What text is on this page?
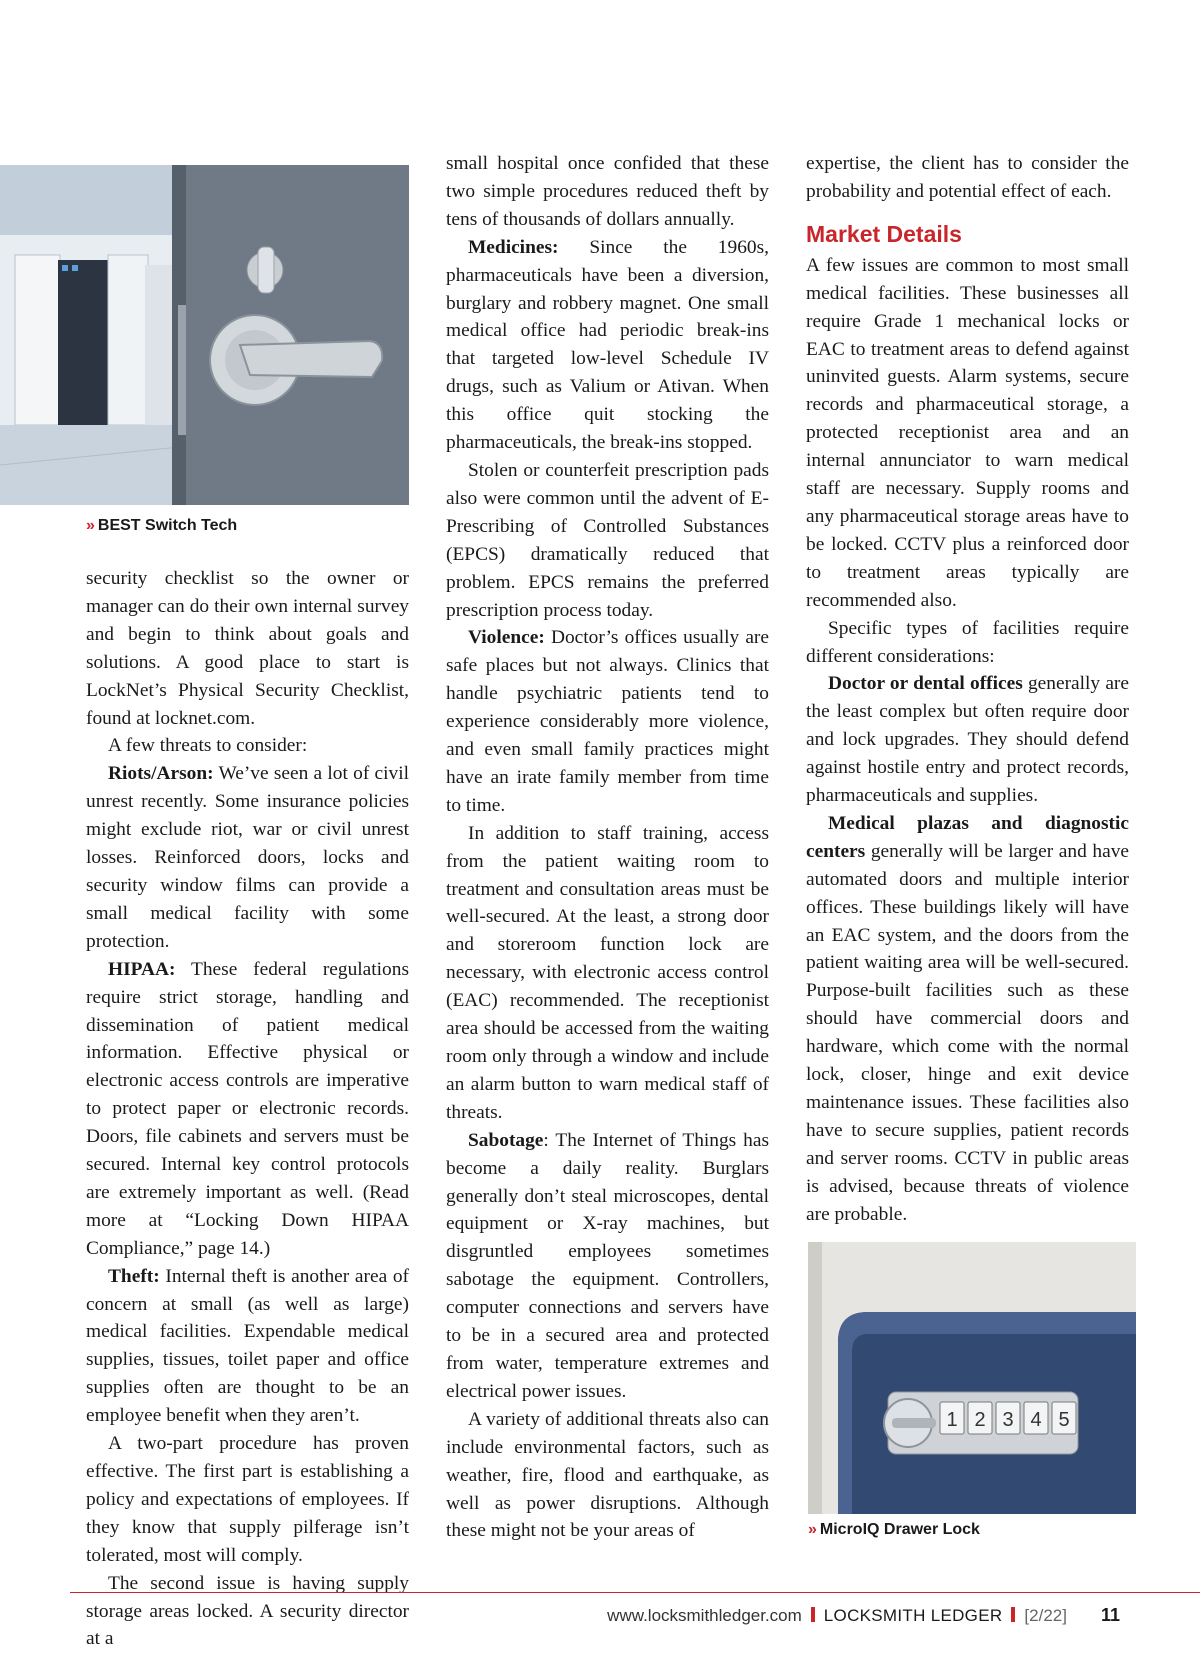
» BEST Switch Tech

security checklist so the owner or manager can do their own internal survey and begin to think about goals and solutions. A good place to start is LockNet’s Physical Security Checklist, found at locknet.com.

A few threats to consider:

Riots/Arson: We’ve seen a lot of civil unrest recently. Some insurance policies might exclude riot, war or civil unrest losses. Reinforced doors, locks and security window films can provide a small medical facility with some protection.

HIPAA: These federal regulations require strict storage, handling and dissemination of patient medical information. Effective physical or electronic access controls are imperative to protect paper or electronic records. Doors, file cabinets and servers must be secured. Internal key control protocols are extremely important as well. (Read more at “Locking Down HIPAA Compliance,” page 14.)

Theft: Internal theft is another area of concern at small (as well as large) medical facilities. Expendable medical supplies, tissues, toilet paper and office supplies often are thought to be an employee benefit when they aren’t.

A two-part procedure has proven effective. The first part is establishing a policy and expectations of employees. If they know that supply pilferage isn’t tolerated, most will comply.

The second issue is having supply storage areas locked. A security director at a

small hospital once confided that these two simple procedures reduced theft by tens of thousands of dollars annually.

Medicines: Since the 1960s, pharmaceuticals have been a diversion, burglary and robbery magnet. One small medical office had periodic break-ins that targeted low-level Schedule IV drugs, such as Valium or Ativan. When this office quit stocking the pharmaceuticals, the break-ins stopped.

Stolen or counterfeit prescription pads also were common until the advent of E-Prescribing of Controlled Substances (EPCS) dramatically reduced that problem. EPCS remains the preferred prescription process today.

Violence: Doctor’s offices usually are safe places but not always. Clinics that handle psychiatric patients tend to experience considerably more violence, and even small family practices might have an irate family member from time to time.

In addition to staff training, access from the patient waiting room to treatment and consultation areas must be well-secured. At the least, a strong door and storeroom function lock are necessary, with electronic access control (EAC) recommended. The receptionist area should be accessed from the waiting room only through a window and include an alarm button to warn medical staff of threats.

Sabotage: The Internet of Things has become a daily reality. Burglars generally don’t steal microscopes, dental equipment or X-ray machines, but disgruntled employees sometimes sabotage the equipment. Controllers, computer connections and servers have to be in a secured area and protected from water, temperature extremes and electrical power issues.

A variety of additional threats also can include environmental factors, such as weather, fire, flood and earthquake, as well as power disruptions. Although these might not be your areas of

expertise, the client has to consider the probability and potential effect of each.

Market Details

A few issues are common to most small medical facilities. These businesses all require Grade 1 mechanical locks or EAC to treatment areas to defend against uninvited guests. Alarm systems, secure records and pharmaceutical storage, a protected receptionist area and an internal annunciator to warn medical staff are necessary. Supply rooms and any pharmaceutical storage areas have to be locked. CCTV plus a reinforced door to treatment areas typically are recommended also.

Specific types of facilities require different considerations:

Doctor or dental offices generally are the least complex but often require door and lock upgrades. They should defend against hostile entry and protect records, pharmaceuticals and supplies.

Medical plazas and diagnostic centers generally will be larger and have automated doors and multiple interior offices. These buildings likely will have an EAC system, and the doors from the patient waiting area will be well-secured. Purpose-built facilities such as these should have commercial doors and hardware, which come with the normal lock, closer, hinge and exit device maintenance issues. These facilities also have to secure supplies, patient records and server rooms. CCTV in public areas is advised, because threats of violence are probable.

1 2 3 4 5
» MicroIQ Drawer Lock
www.locksmithledger.com LOCKSMITH LEDGER [2/22] 11
